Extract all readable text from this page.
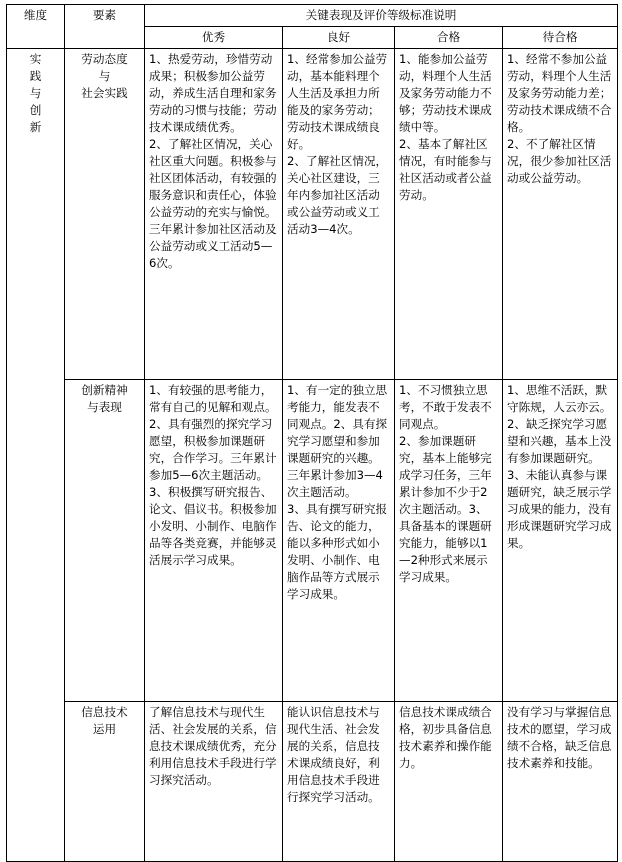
维度	要素	关键表现及评价等级标准说明			
		优秀	良好	合格	待合格
实
践
与
创
新	劳动态度
与
社会实践	1、热爱劳动，珍惜劳动成果；积极参加公益劳动，养成生活自理和家务劳动的习惯与技能；劳动技术课成绩优秀。
2、了解社区情况，关心社区重大问题。积极参与社区团体活动，有较强的服务意识和责任心，体验公益劳动的充实与愉悦。三年累计参加社区活动及公益劳动或义工活动5—6次。	1、经常参加公益劳动，基本能料理个人生活及承担力所能及的家务劳动；劳动技术课成绩良好。
2、了解社区情况，关心社区建设，三年内参加社区活动或公益劳动或义工活动3—4次。	1、能参加公益劳动，料理个人生活及家务劳动能力不够；劳动技术课成绩中等。
2、基本了解社区情况，有时能参与社区活动或者公益劳动。	1、经常不参加公益劳动，料理个人生活及家务劳动能力差；劳动技术课成绩不合格。
2、不了解社区情况，很少参加社区活动或公益劳动。
	创新精神
与表现	1、有较强的思考能力，常有自己的见解和观点。
2、具有强烈的探究学习愿望，积极参加课题研究，合作学习。三年累计参加5—6次主题活动。
3、积极撰写研究报告、论文、倡议书。积极参加小发明、小制作、电脑作品等各类竞赛，并能够灵活展示学习成果。	1、有一定的独立思考能力，能发表不同观点。2、具有探究学习愿望和参加课题研究的兴趣。三年累计参加3—4次主题活动。
3、具有撰写研究报告、论文的能力，能以多种形式如小发明、小制作、电脑作品等方式展示学习成果。	1、不习惯独立思考，不敢于发表不同观点。
2、参加课题研究，基本上能够完成学习任务，三年累计参加不少于2次主题活动。3、具备基本的课题研究能力，能够以1—2种形式来展示学习成果。	1、思维不活跃，默守陈规，人云亦云。
2、缺乏探究学习愿望和兴趣，基本上没有参加课题研究。3、未能认真参与课题研究，缺乏展示学习成果的能力，没有形成课题研究学习成果。
	信息技术
运用	了解信息技术与现代生活、社会发展的关系，信息技术课成绩优秀，充分利用信息技术手段进行学习探究活动。	能认识信息技术与现代生活、社会发展的关系，信息技术课成绩良好，利用信息技术手段进行探究学习活动。	信息技术课成绩合格，初步具备信息技术素养和操作能力。	没有学习与掌握信息技术的愿望，学习成绩不合格，缺乏信息技术素养和技能。
